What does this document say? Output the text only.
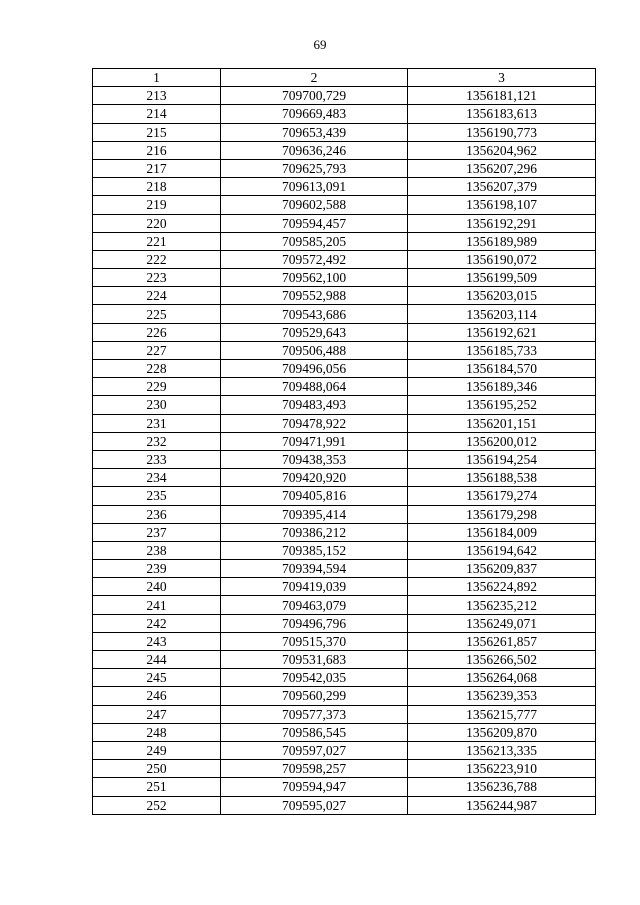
69
1	2	3
213	709700,729	1356181,121
214	709669,483	1356183,613
215	709653,439	1356190,773
216	709636,246	1356204,962
217	709625,793	1356207,296
218	709613,091	1356207,379
219	709602,588	1356198,107
220	709594,457	1356192,291
221	709585,205	1356189,989
222	709572,492	1356190,072
223	709562,100	1356199,509
224	709552,988	1356203,015
225	709543,686	1356203,114
226	709529,643	1356192,621
227	709506,488	1356185,733
228	709496,056	1356184,570
229	709488,064	1356189,346
230	709483,493	1356195,252
231	709478,922	1356201,151
232	709471,991	1356200,012
233	709438,353	1356194,254
234	709420,920	1356188,538
235	709405,816	1356179,274
236	709395,414	1356179,298
237	709386,212	1356184,009
238	709385,152	1356194,642
239	709394,594	1356209,837
240	709419,039	1356224,892
241	709463,079	1356235,212
242	709496,796	1356249,071
243	709515,370	1356261,857
244	709531,683	1356266,502
245	709542,035	1356264,068
246	709560,299	1356239,353
247	709577,373	1356215,777
248	709586,545	1356209,870
249	709597,027	1356213,335
250	709598,257	1356223,910
251	709594,947	1356236,788
252	709595,027	1356244,987
